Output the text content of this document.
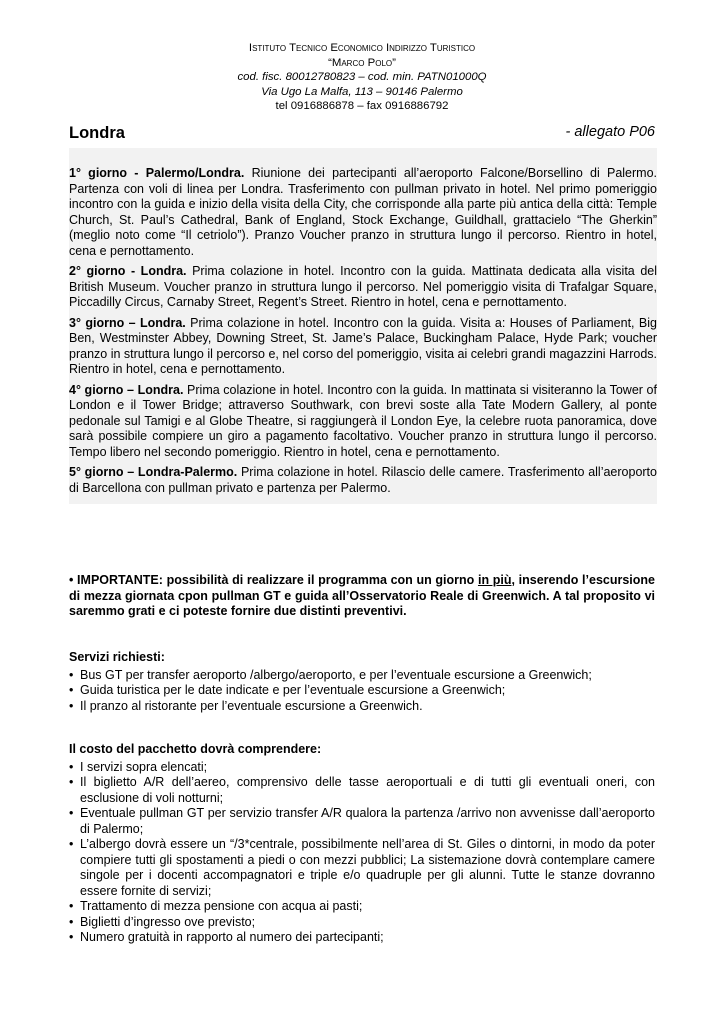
Istituto Tecnico Economico Indirizzo Turistico
“Marco Polo”
cod. fisc. 80012780823 – cod. min. PATN01000Q
Via Ugo La Malfa, 113 – 90146 Palermo
tel 0916886878 – fax 0916886792
Londra	- allegato P06

1° giorno - Palermo/Londra. Riunione dei partecipanti all’aeroporto Falcone/Borsellino di Palermo. Partenza con voli di linea per Londra. Trasferimento con pullman privato in hotel. Nel primo pomeriggio incontro con la guida e inizio della visita della City, che corrisponde alla parte più antica della città: Temple Church, St. Paul’s Cathedral, Bank of England, Stock Exchange, Guildhall, grattacielo “The Gherkin” (meglio noto come “Il cetriolo”). Pranzo Voucher pranzo in struttura lungo il percorso. Rientro in hotel, cena e pernottamento.

2° giorno - Londra. Prima colazione in hotel. Incontro con la guida. Mattinata dedicata alla visita del British Museum. Voucher pranzo in struttura lungo il percorso. Nel pomeriggio visita di Trafalgar Square, Piccadilly Circus, Carnaby Street, Regent’s Street. Rientro in hotel, cena e pernottamento.

3° giorno – Londra. Prima colazione in hotel. Incontro con la guida. Visita a: Houses of Parliament, Big Ben, Westminster Abbey, Downing Street, St. Jame’s Palace, Buckingham Palace, Hyde Park; voucher pranzo in struttura lungo il percorso e, nel corso del pomeriggio, visita ai celebri grandi magazzini Harrods. Rientro in hotel, cena e pernottamento.

4° giorno – Londra. Prima colazione in hotel. Incontro con la guida. In mattinata si visiteranno la Tower of London e il Tower Bridge; attraverso Southwark, con brevi soste alla Tate Modern Gallery, al ponte pedonale sul Tamigi e al Globe Theatre, si raggiungerà il London Eye, la celebre ruota panoramica, dove sarà possibile compiere un giro a pagamento facoltativo. Voucher pranzo in struttura lungo il percorso. Tempo libero nel secondo pomeriggio. Rientro in hotel, cena e pernottamento.

5° giorno – Londra-Palermo. Prima colazione in hotel. Rilascio delle camere. Trasferimento all’aeroporto di Barcellona con pullman privato e partenza per Palermo.

• IMPORTANTE: possibilità di realizzare il programma con un giorno in più, inserendo l’escursione di mezza giornata cpon pullman GT e guida all’Osservatorio Reale di Greenwich. A tal proposito vi saremmo grati e ci poteste fornire due distinti preventivi.
Servizi richiesti:
• Bus GT per transfer aeroporto /albergo/aeroporto, e per l’eventuale escursione a Greenwich;
• Guida turistica per le date indicate e per l’eventuale escursione a Greenwich;
• Il pranzo al ristorante per l’eventuale escursione a Greenwich.
Il costo del pacchetto dovrà comprendere:
• I servizi sopra elencati;
• Il biglietto A/R dell’aereo, comprensivo delle tasse aeroportuali e di tutti gli eventuali oneri, con esclusione di voli notturni;
• Eventuale pullman GT per servizio transfer A/R qualora la partenza /arrivo non avvenisse dall’aeroporto di Palermo;
• L’albergo dovrà essere un “/3*centrale, possibilmente nell’area di St. Giles o dintorni, in modo da poter compiere tutti gli spostamenti a piedi o con mezzi pubblici; La sistemazione dovrà contemplare camere singole per i docenti accompagnatori e triple e/o quadruple per gli alunni. Tutte le stanze dovranno essere fornite di servizi;
• Trattamento di mezza pensione con acqua ai pasti;
• Biglietti d’ingresso ove previsto;
• Numero gratuità in rapporto al numero dei partecipanti;
